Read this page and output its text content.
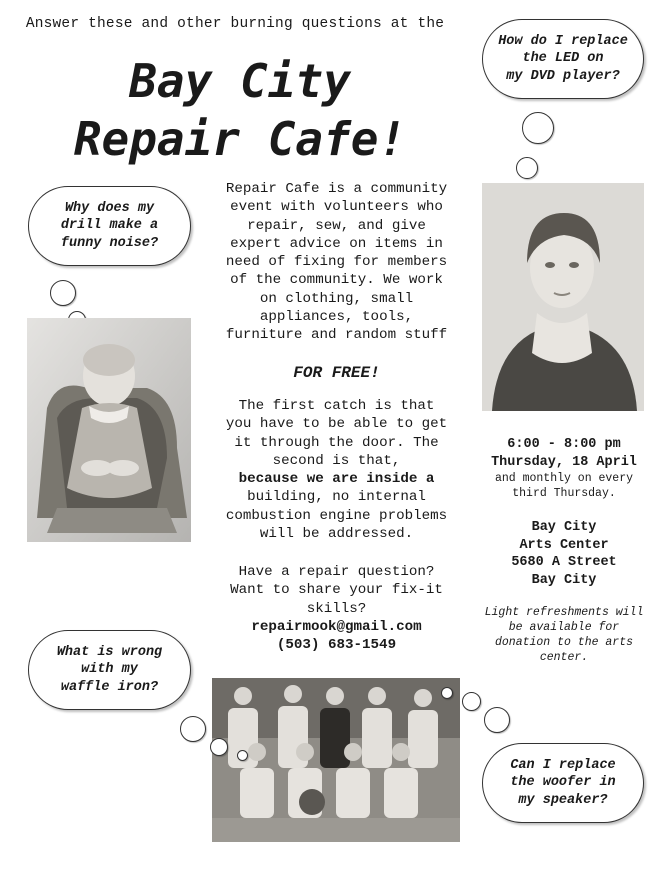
Answer these and other burning questions at the
Bay City
Repair Cafe!
How do I replace
the LED on
my DVD player?
Why does my
drill make a
funny noise?

Repair Cafe is a community

event with volunteers who

repair, sew, and give

expert advice on items in

need of fixing for members

of the community. We work

on clothing, small

appliances, tools,

furniture and random stuff

FOR FREE!

The first catch is that

you have to be able to get

it through the door. The

second is that,

because we are inside a

building, no internal

combustion engine problems

will be addressed.

Have a repair question?

Want to share your fix-it

skills?

repairmook@gmail.com

(503) 683-1549

6:00 - 8:00 pm
Thursday, 18 April
and monthly on every
third Thursday.
Bay City
Arts Center
5680 A Street
Bay City
Light refreshments will
be available for
donation to the arts
center.
What is wrong
with my
waffle iron?
Can I replace
the woofer in
my speaker?
